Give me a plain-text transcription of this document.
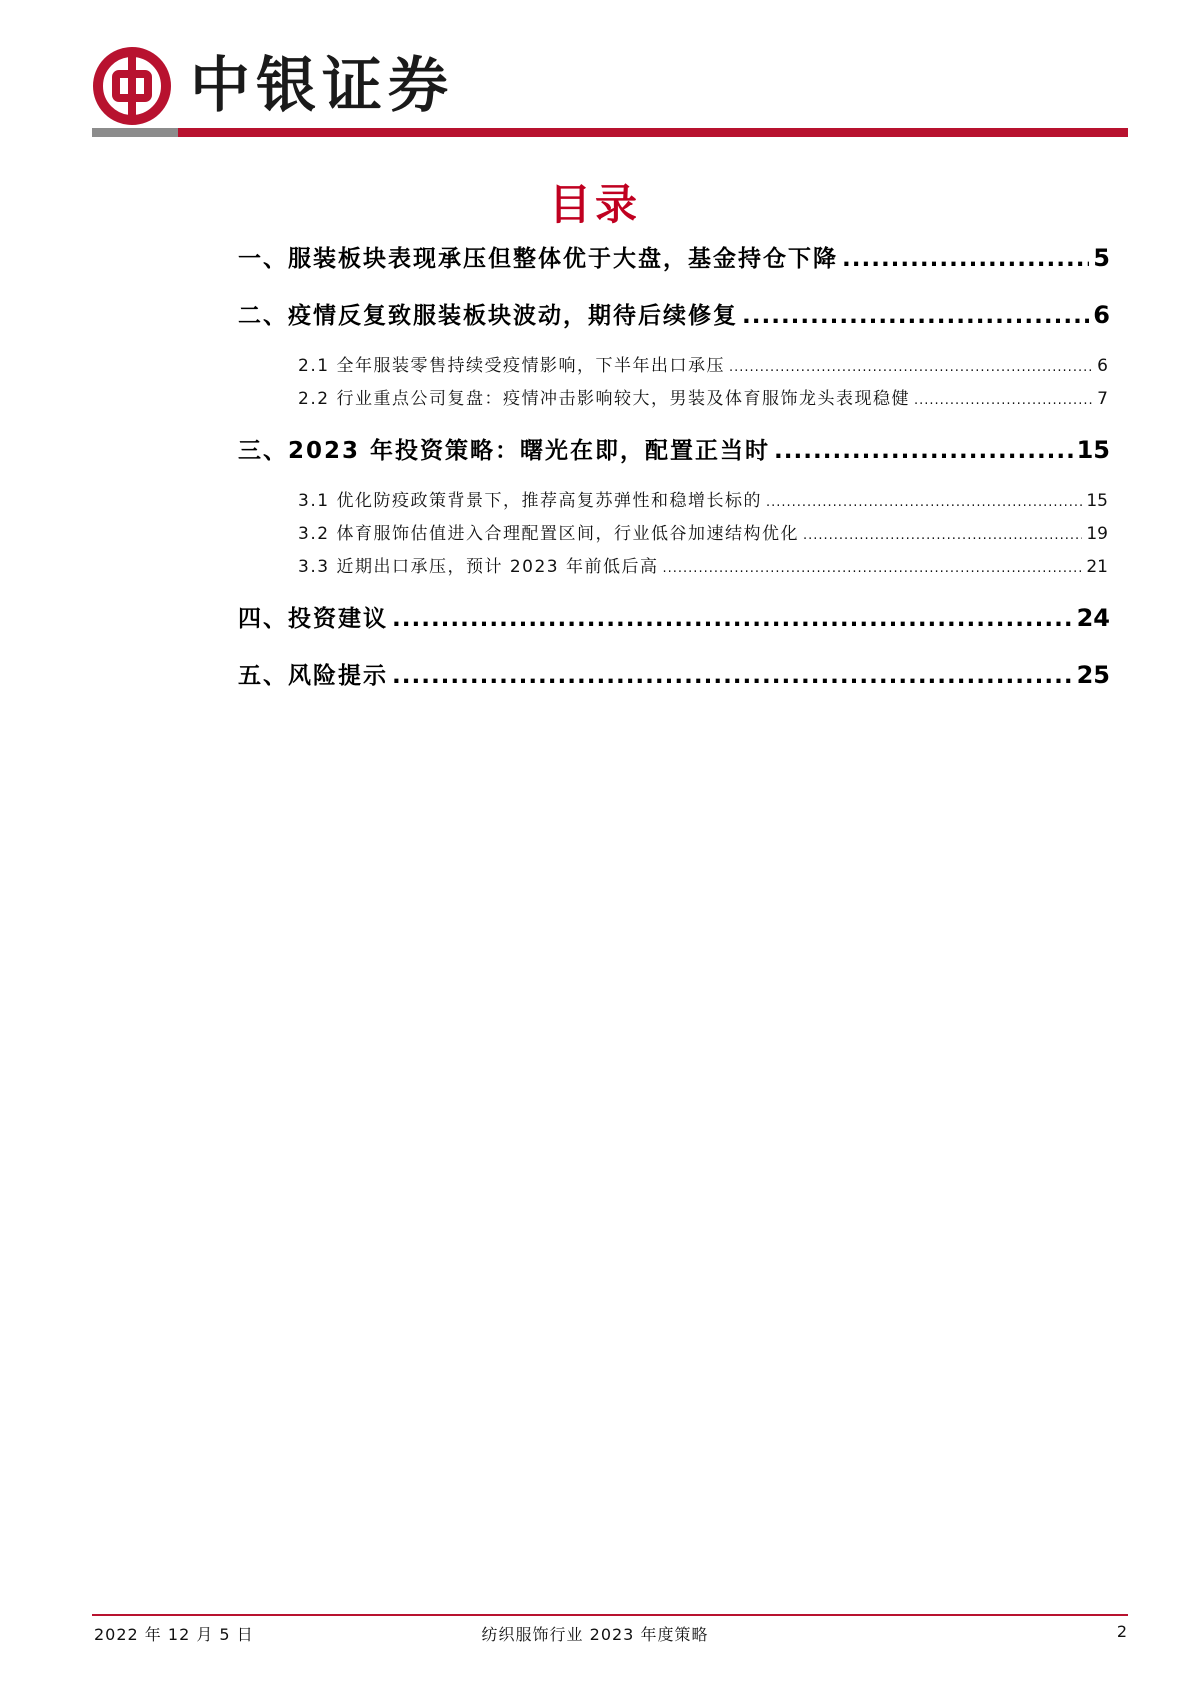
中银证券
目录
一、服装板块表现承压但整体优于大盘，基金持仓下降 .....	5
二、疫情反复致服装板块波动，期待后续修复 .....	6
2.1 全年服装零售持续受疫情影响，下半年出口承压 .....	6
2.2 行业重点公司复盘：疫情冲击影响较大，男装及体育服饰龙头表现稳健 .....	7
三、2023 年投资策略：曙光在即，配置正当时 .....	15
3.1 优化防疫政策背景下，推荐高复苏弹性和稳增长标的 .....	15
3.2 体育服饰估值进入合理配置区间，行业低谷加速结构优化 .....	19
3.3 近期出口承压，预计 2023 年前低后高 .....	21
四、投资建议 .....	24
五、风险提示 .....	25
2022 年 12 月 5 日	纺织服饰行业 2023 年度策略	2
